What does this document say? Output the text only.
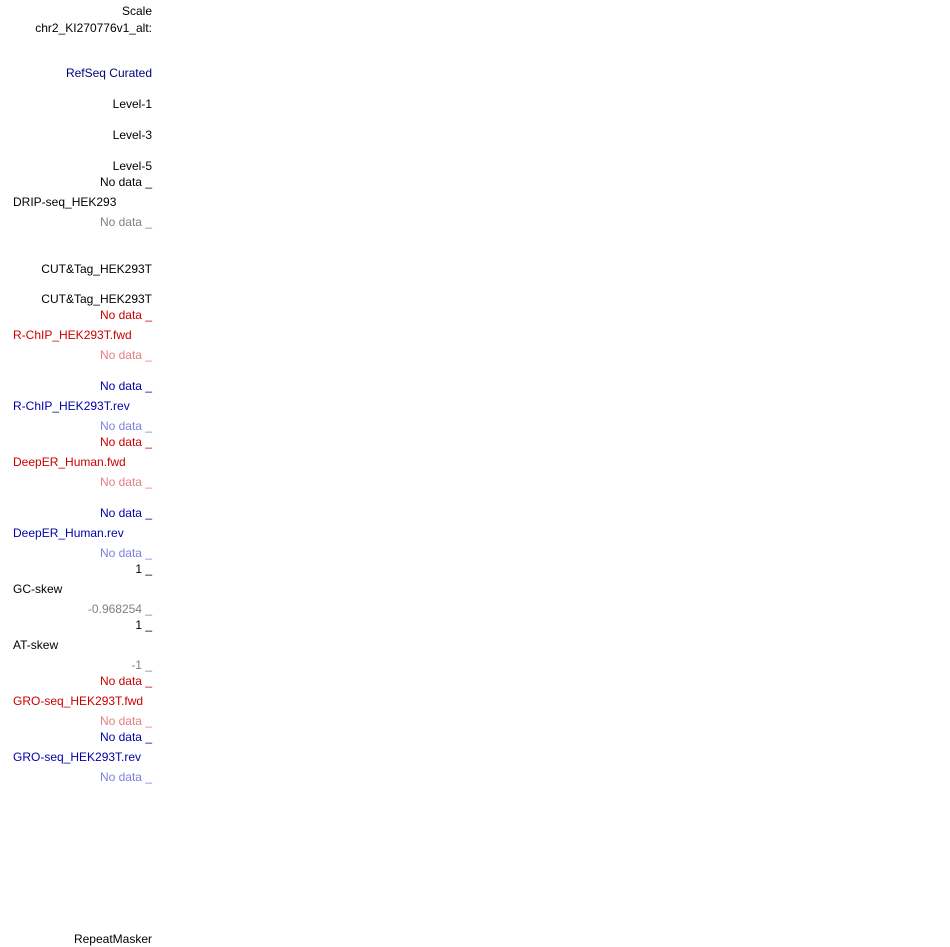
Scale
chr2_KI270776v1_alt:
RefSeq Curated
Level-1
Level-3
Level-5
No data _
DRIP-seq_HEK293
No data _
CUT&Tag_HEK293T
CUT&Tag_HEK293T
No data _
R-ChIP_HEK293T.fwd
No data _
No data _
R-ChIP_HEK293T.rev
No data _
No data _
DeepER_Human.fwd
No data _
No data _
DeepER_Human.rev
No data _
1 _
GC-skew
-0.968254 _
1 _
AT-skew
-1 _
No data _
GRO-seq_HEK293T.fwd
No data _
No data _
GRO-seq_HEK293T.rev
No data _
RepeatMasker
